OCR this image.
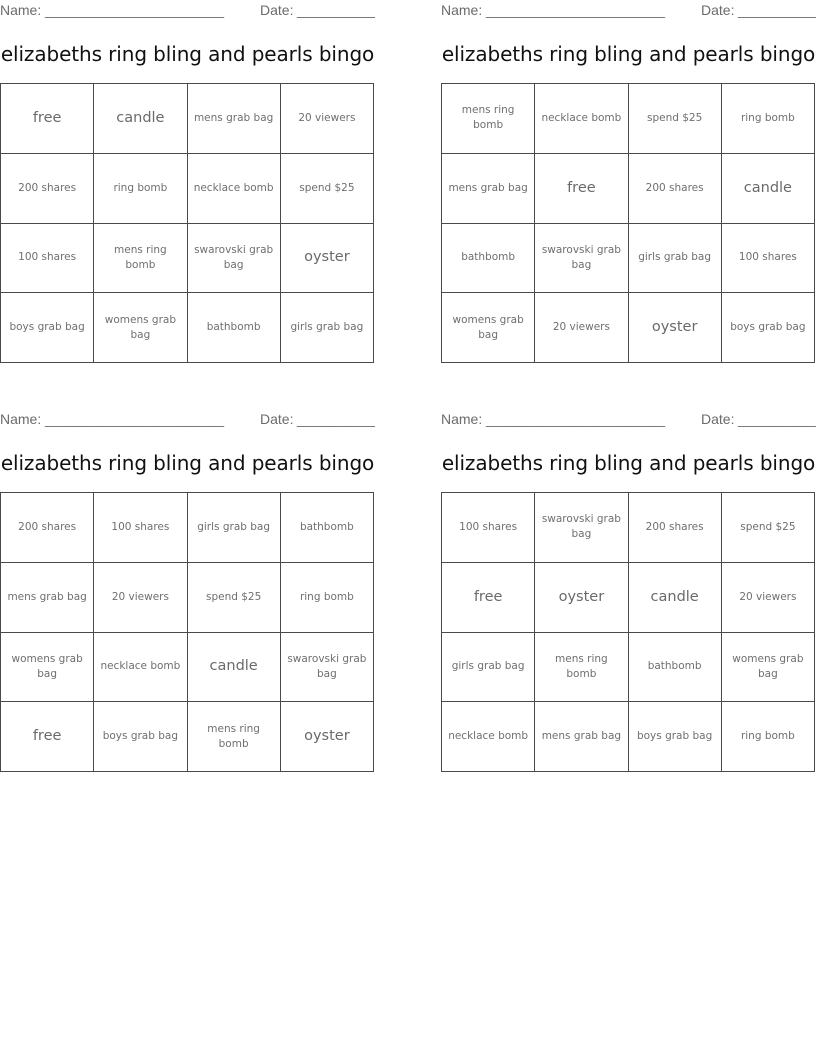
Name: _______________________	Date: __________
elizabeths ring bling and pearls bingo
free	candle	mens grab bag	20 viewers
200 shares	ring bomb	necklace bomb	spend $25
100 shares	mens ring bomb	swarovski grab bag	oyster
boys grab bag	womens grab bag	bathbomb	girls grab bag
Name: _______________________	Date: __________
elizabeths ring bling and pearls bingo
mens ring bomb	necklace bomb	spend $25	ring bomb
mens grab bag	free	200 shares	candle
bathbomb	swarovski grab bag	girls grab bag	100 shares
womens grab bag	20 viewers	oyster	boys grab bag
Name: _______________________	Date: __________
elizabeths ring bling and pearls bingo
200 shares	100 shares	girls grab bag	bathbomb
mens grab bag	20 viewers	spend $25	ring bomb
womens grab bag	necklace bomb	candle	swarovski grab bag
free	boys grab bag	mens ring bomb	oyster
Name: _______________________	Date: __________
elizabeths ring bling and pearls bingo
100 shares	swarovski grab bag	200 shares	spend $25
free	oyster	candle	20 viewers
girls grab bag	mens ring bomb	bathbomb	womens grab bag
necklace bomb	mens grab bag	boys grab bag	ring bomb
